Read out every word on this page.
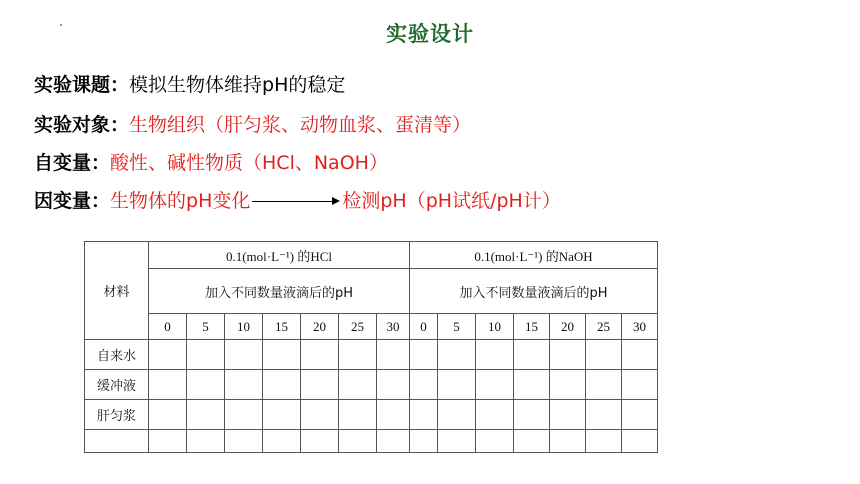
实验设计
实验课题：模拟生物体维持pH的稳定
实验对象：生物组织（肝匀浆、动物血浆、蛋清等）
自变量：酸性、碱性物质（HCl、NaOH）
因变量：生物体的pH变化	检测pH（pH试纸/pH计）
材料	0.1(mol·L⁻¹) 的HCl							0.1(mol·L⁻¹) 的NaOH						
	加入不同数量液滴后的pH							加入不同数量液滴后的pH						
	0	5	10	15	20	25	30	0	5	10	15	20	25	30
自来水														
缓冲液														
肝匀浆														
